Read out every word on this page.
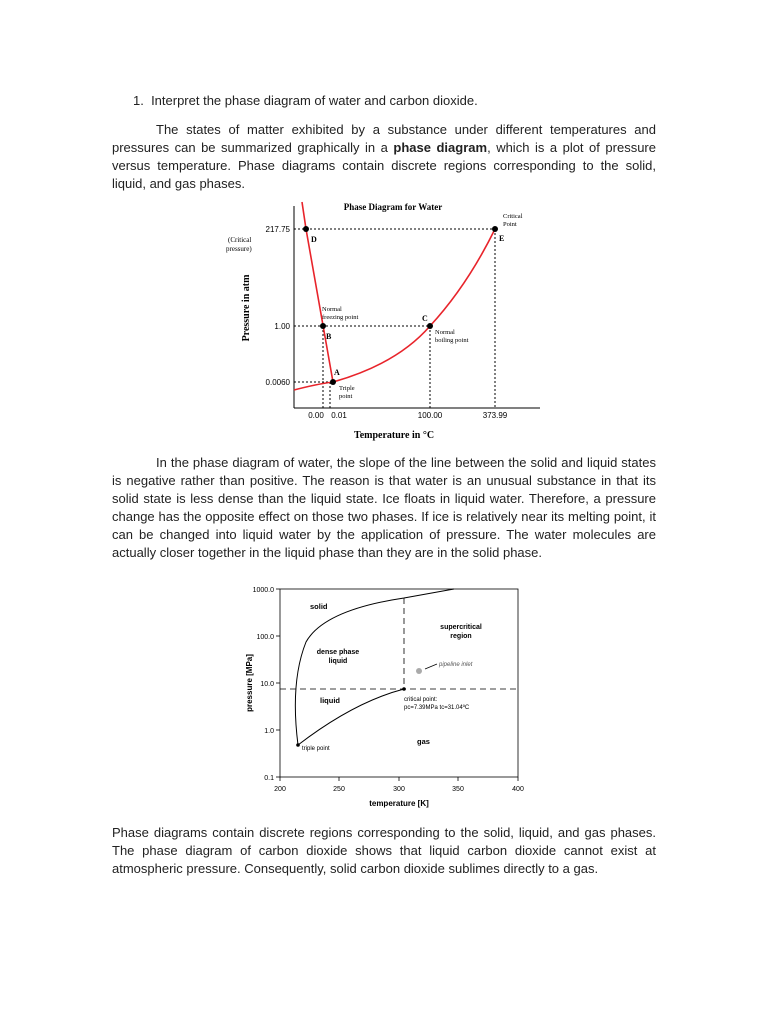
1.  Interpret the phase diagram of water and carbon dioxide.

The states of matter exhibited by a substance under different temperatures and pressures can be summarized graphically in a phase diagram, which is a plot of pressure versus temperature. Phase diagrams contain discrete regions corresponding to the solid, liquid, and gas phases.

Phase Diagram for Water
217.75
1.00
0.0060
(Critical
pressure)
0.00 0.01	100.00	373.99
Temperature in °C
Pressure in atm
D	E
B
C
A
Critical
Point
Normal
freezing point
Normal
boiling point
Triple
point

In the phase diagram of water, the slope of the line between the solid and liquid states is negative rather than positive. The reason is that water is an unusual substance in that its solid state is less dense than the liquid state. Ice floats in liquid water. Therefore, a pressure change has the opposite effect on those two phases. If ice is relatively near its melting point, it can be changed into liquid water by the application of pressure. The water molecules are actually closer together in the liquid phase than they are in the solid phase.

1000.0
100.0
10.0
1.0
0.1
200	250	300	350	400
temperature [K]
pressure [MPa]
solid
dense phase
liquid
supercritical
region
pipeline inlet
liquid	critical point:
pc=7.39MPa tc=31.04ºC
gas
triple point

Phase diagrams contain discrete regions corresponding to the solid, liquid, and gas phases. The phase diagram of carbon dioxide shows that liquid carbon dioxide cannot exist at atmospheric pressure. Consequently, solid carbon dioxide sublimes directly to a gas.
